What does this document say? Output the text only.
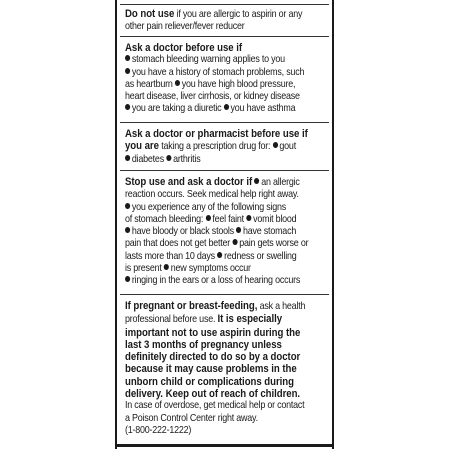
Do not use if you are allergic to aspirin or any
other pain reliever/fever reducer
Ask a doctor before use if
stomach bleeding warning applies to you
you have a history of stomach problems, such
as heartburn you have high blood pressure,
heart disease, liver cirrhosis, or kidney disease
you are taking a diuretic you have asthma
Ask a doctor or pharmacist before use if
you are taking a prescription drug for: gout
diabetes arthritis
Stop use and ask a doctor if an allergic
reaction occurs. Seek medical help right away.
you experience any of the following signs
of stomach bleeding: feel faint vomit blood
have bloody or black stools have stomach
pain that does not get better pain gets worse or
lasts more than 10 days redness or swelling
is present new symptoms occur
ringing in the ears or a loss of hearing occurs
If pregnant or breast-feeding, ask a health
professional before use. It is especially
important not to use aspirin during the
last 3 months of pregnancy unless
definitely directed to do so by a doctor
because it may cause problems in the
unborn child or complications during
delivery. Keep out of reach of children.
In case of overdose, get medical help or contact
a Poison Control Center right away.
(1-800-222-1222)
